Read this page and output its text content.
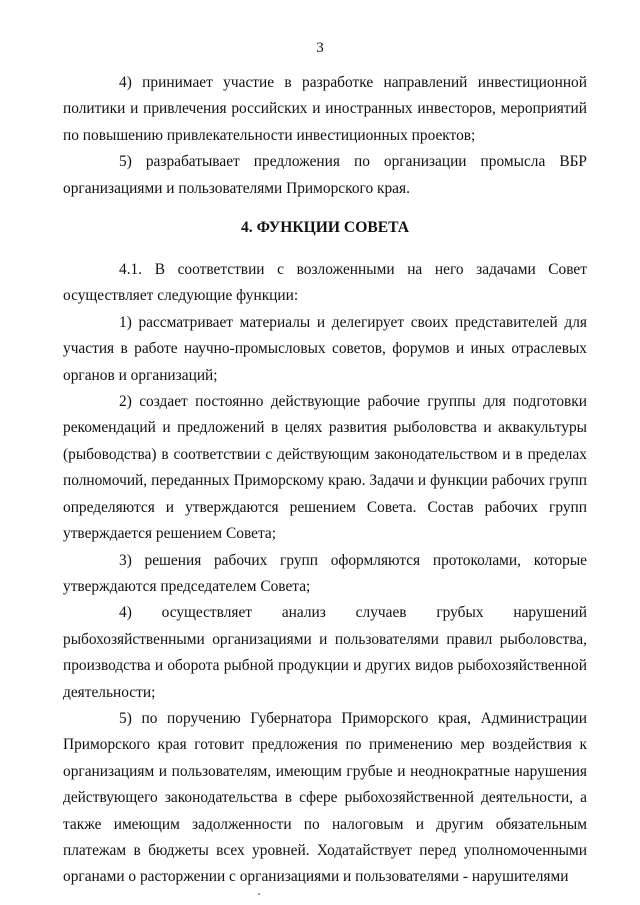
3

4) принимает участие в разработке направлений инвестиционной политики и привлечения российских и иностранных инвесторов, мероприятий по повышению привлекательности инвестиционных проектов;

5) разрабатывает предложения по организации промысла ВБР организациями и пользователями Приморского края.

4. ФУНКЦИИ СОВЕТА

4.1. В соответствии с возложенными на него задачами Совет осуществляет следующие функции:

1) рассматривает материалы и делегирует своих представителей для участия в работе научно-промысловых советов, форумов и иных отраслевых органов и организаций;

2) создает постоянно действующие рабочие группы для подготовки рекомендаций и предложений в целях развития рыболовства и аквакультуры (рыбоводства) в соответствии с действующим законодательством и в пределах полномочий, переданных Приморскому краю. Задачи и функции рабочих групп определяются и утверждаются решением Совета. Состав рабочих групп утверждается решением Совета;

3) решения рабочих групп оформляются протоколами, которые утверждаются председателем Совета;

4) осуществляет анализ случаев грубых нарушений рыбохозяйственными организациями и пользователями правил рыболовства, производства и оборота рыбной продукции и других видов рыбохозяйственной деятельности;

5) по поручению Губернатора Приморского края, Администрации Приморского края готовит предложения по применению мер воздействия к организациям и пользователям, имеющим грубые и неоднократные нарушения действующего законодательства в сфере рыбохозяйственной деятельности, а также имеющим задолженности по налоговым и другим обязательным платежам в бюджеты всех уровней. Ходатайствует перед уполномоченными органами о расторжении с организациями и пользователями - нарушителями
